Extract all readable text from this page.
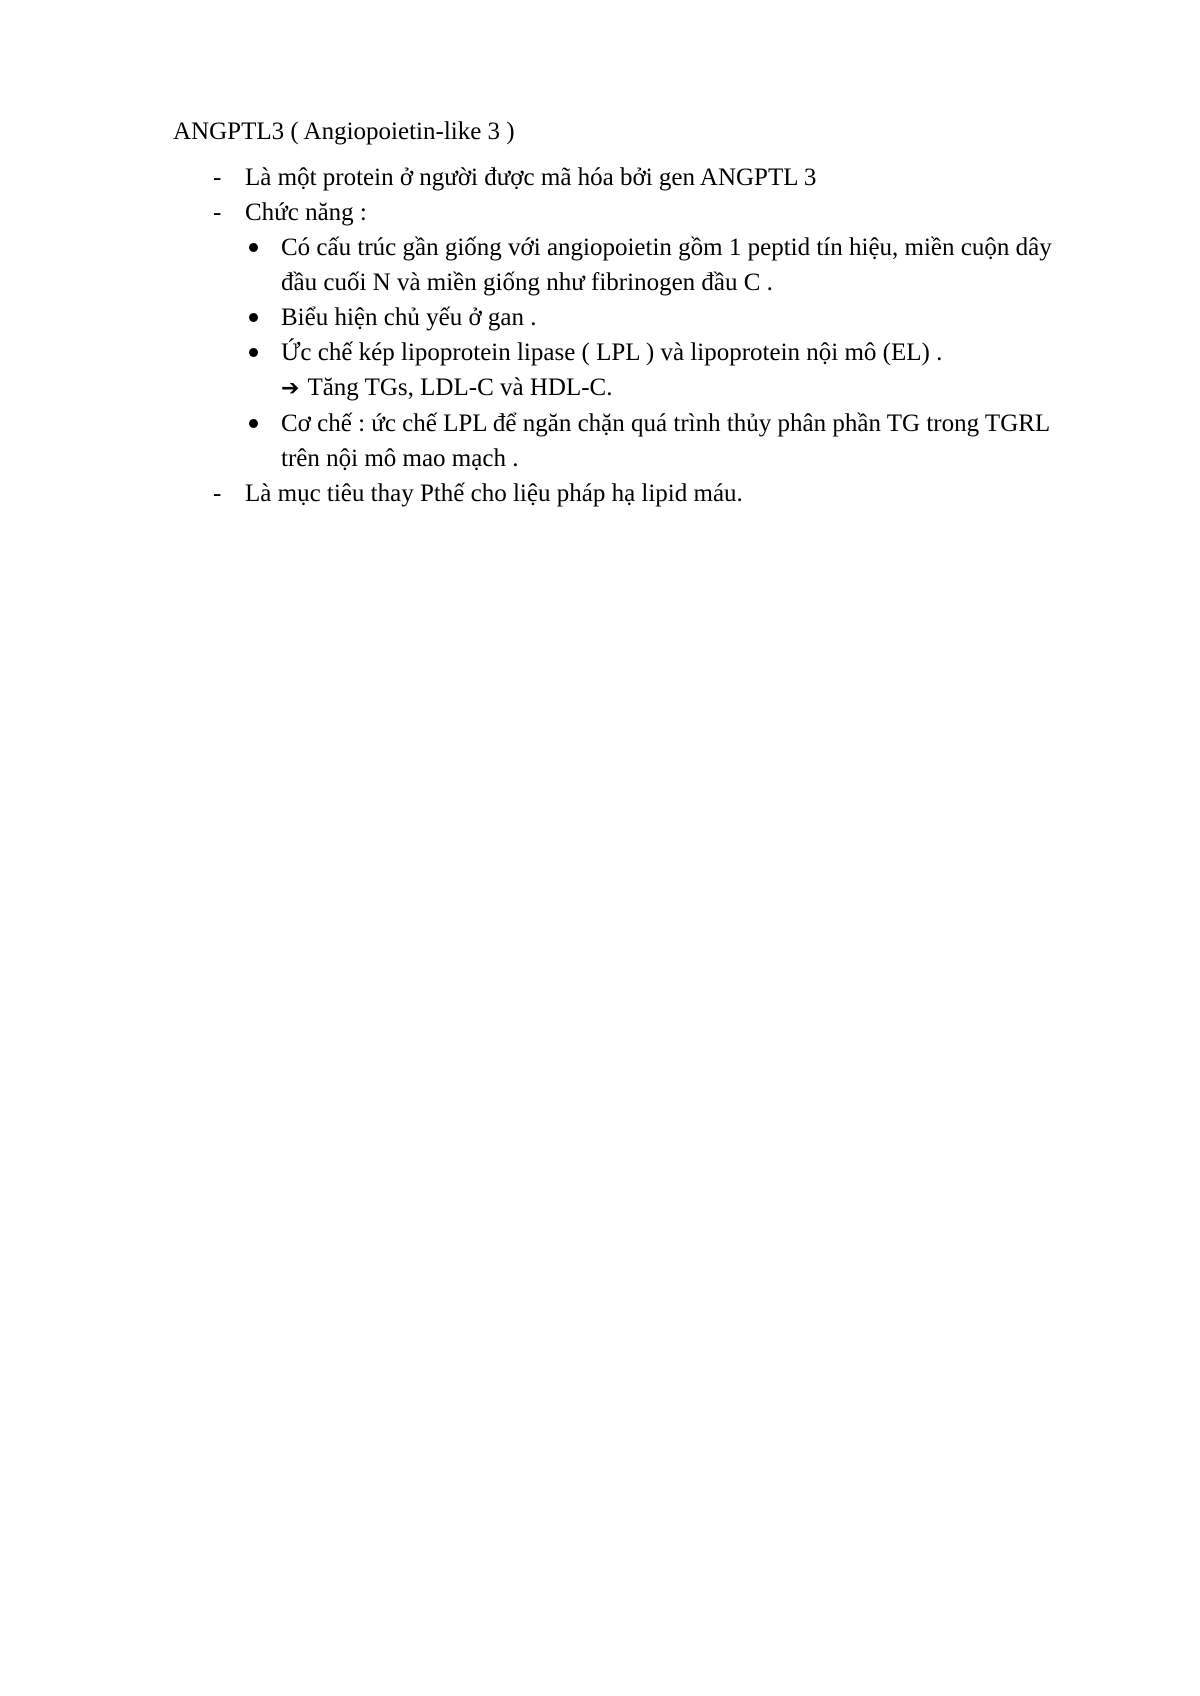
ANGPTL3 ( Angiopoietin-like 3 )
- Là một protein ở người được mã hóa bởi gen ANGPTL 3
- Chức năng :
Có cấu trúc gần giống với angiopoietin gồm 1 peptid tín hiệu, miền cuộn dây đầu cuối N và miền giống như fibrinogen đầu C .
Biểu hiện chủ yếu ở gan .
Ức chế kép lipoprotein lipase ( LPL ) và lipoprotein nội mô (EL) .
➔ Tăng TGs, LDL-C và HDL-C.
Cơ chế : ức chế LPL để ngăn chặn quá trình thủy phân phần TG trong TGRL trên nội mô mao mạch .
- Là mục tiêu thay Pthế cho liệu pháp hạ lipid máu.
